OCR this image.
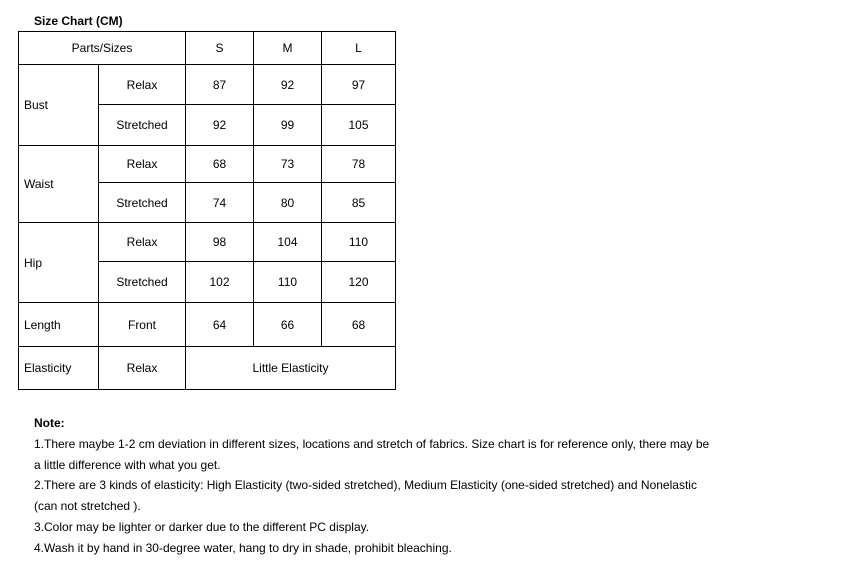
Size Chart (CM)
Parts/Sizes		S	M	L
Bust	Relax	87	92	97
	Stretched	92	99	105
Waist	Relax	68	73	78
	Stretched	74	80	85
Hip	Relax	98	104	110
	Stretched	102	110	120
Length	Front	64	66	68
Elasticity	Relax	Little Elasticity		
Note:
1.There maybe 1-2 cm deviation in different sizes, locations and stretch of fabrics. Size chart is for reference only, there may be
a little difference with what you get.
2.There are 3 kinds of elasticity: High Elasticity (two-sided stretched), Medium Elasticity (one-sided stretched) and Nonelastic
(can not stretched ).
3.Color may be lighter or darker due to the different PC display.
4.Wash it by hand in 30-degree water, hang to dry in shade, prohibit bleaching.
